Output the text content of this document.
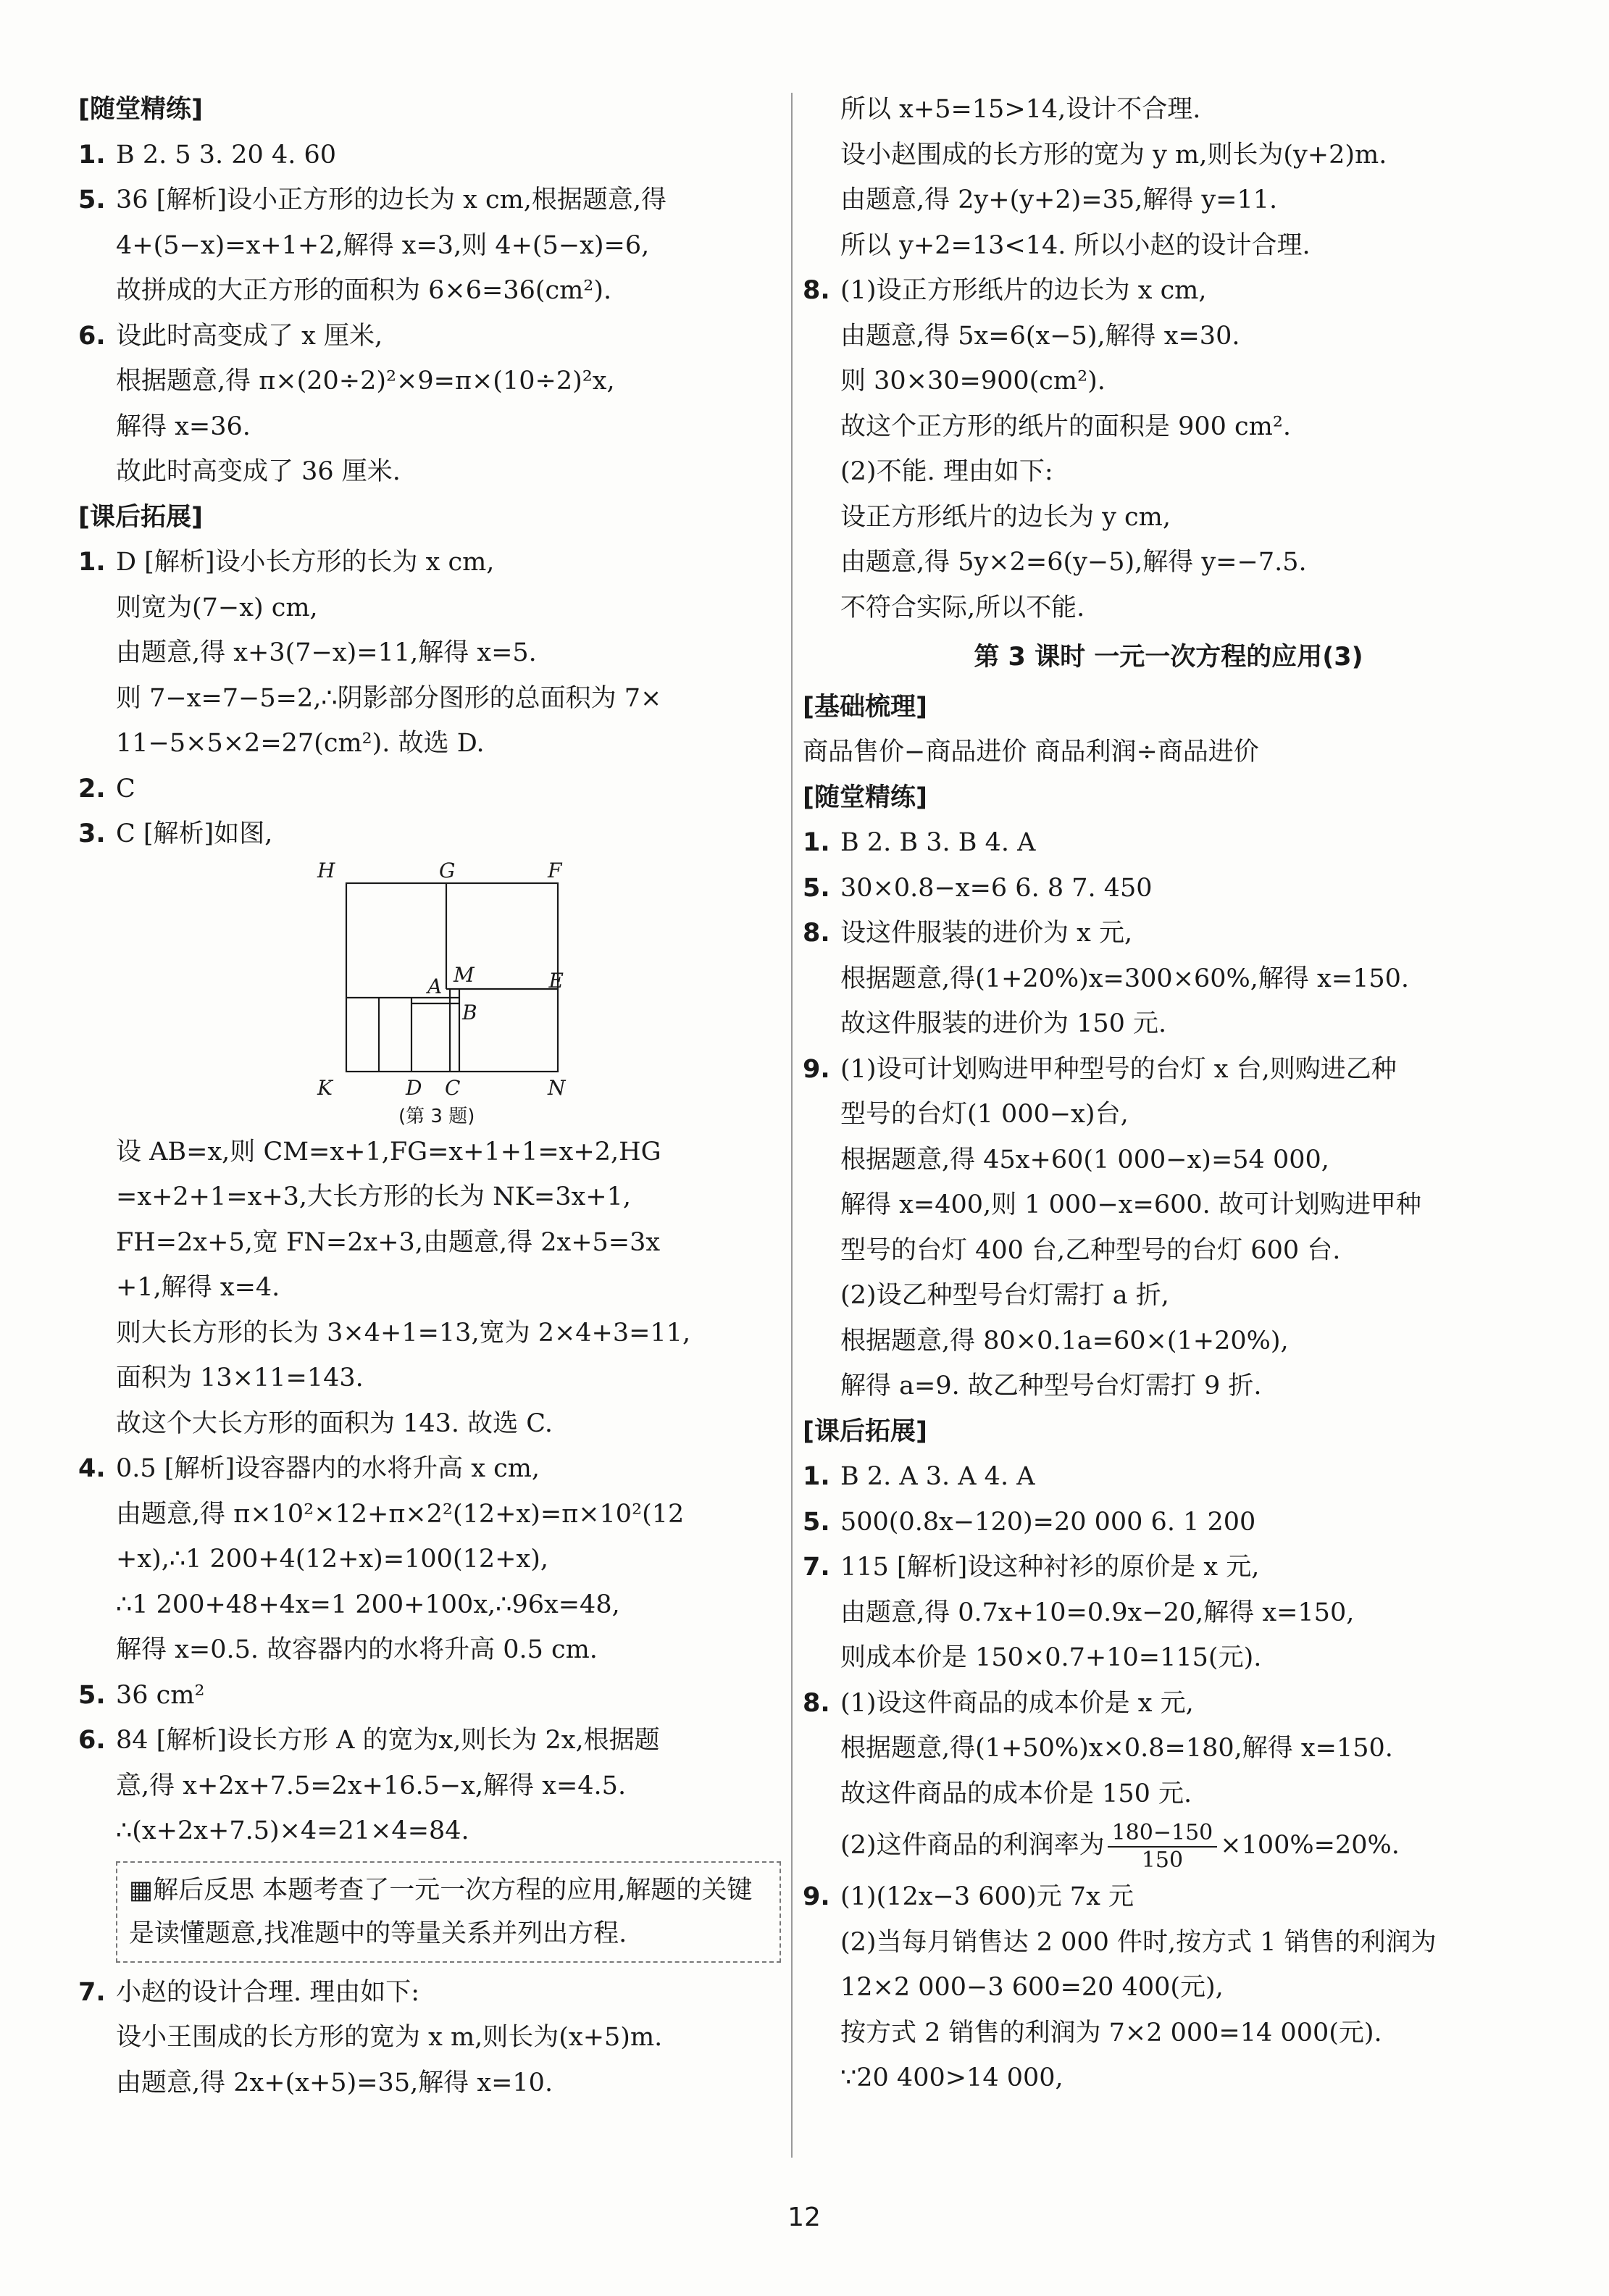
[随堂精练]
1. B 2. 5 3. 20 4. 60
5. 36 [解析]设小正方形的边长为 x cm,根据题意,得
4+(5−x)=x+1+2,解得 x=3,则 4+(5−x)=6,
故拼成的大正方形的面积为 6×6=36(cm²).
6. 设此时高变成了 x 厘米,
根据题意,得 π×(20÷2)²×9=π×(10÷2)²x,
解得 x=36.
故此时高变成了 36 厘米.
[课后拓展]
1. D [解析]设小长方形的长为 x cm,
则宽为(7−x) cm,
由题意,得 x+3(7−x)=11,解得 x=5.
则 7−x=7−5=2,∴阴影部分图形的总面积为 7×
11−5×5×2=27(cm²). 故选 D.
2. C
3. C [解析]如图,
H	G	F
E
M
A
B
K	D C	N
(第 3 题)
设 AB=x,则 CM=x+1,FG=x+1+1=x+2,HG
=x+2+1=x+3,大长方形的长为 NK=3x+1,
FH=2x+5,宽 FN=2x+3,由题意,得 2x+5=3x
+1,解得 x=4.
则大长方形的长为 3×4+1=13,宽为 2×4+3=11,
面积为 13×11=143.
故这个大长方形的面积为 143. 故选 C.
4. 0.5 [解析]设容器内的水将升高 x cm,
由题意,得 π×10²×12+π×2²(12+x)=π×10²(12
+x),∴1 200+4(12+x)=100(12+x),
∴1 200+48+4x=1 200+100x,∴96x=48,
解得 x=0.5. 故容器内的水将升高 0.5 cm.
5. 36 cm²
6. 84 [解析]设长方形 A 的宽为x,则长为 2x,根据题
意,得 x+2x+7.5=2x+16.5−x,解得 x=4.5.
∴(x+2x+7.5)×4=21×4=84.
▦解后反思 本题考查了一元一次方程的应用,解题的关键是读懂题意,找准题中的等量关系并列出方程.
7. 小赵的设计合理. 理由如下:
设小王围成的长方形的宽为 x m,则长为(x+5)m.
由题意,得 2x+(x+5)=35,解得 x=10.
所以 x+5=15>14,设计不合理.
设小赵围成的长方形的宽为 y m,则长为(y+2)m.
由题意,得 2y+(y+2)=35,解得 y=11.
所以 y+2=13<14. 所以小赵的设计合理.
8. (1)设正方形纸片的边长为 x cm,
由题意,得 5x=6(x−5),解得 x=30.
则 30×30=900(cm²).
故这个正方形的纸片的面积是 900 cm².
(2)不能. 理由如下:
设正方形纸片的边长为 y cm,
由题意,得 5y×2=6(y−5),解得 y=−7.5.
不符合实际,所以不能.
第 3 课时 一元一次方程的应用(3)
[基础梳理]
商品售价−商品进价 商品利润÷商品进价
[随堂精练]
1. B 2. B 3. B 4. A
5. 30×0.8−x=6 6. 8 7. 450
8. 设这件服装的进价为 x 元,
根据题意,得(1+20%)x=300×60%,解得 x=150.
故这件服装的进价为 150 元.
9. (1)设可计划购进甲种型号的台灯 x 台,则购进乙种
型号的台灯(1 000−x)台,
根据题意,得 45x+60(1 000−x)=54 000,
解得 x=400,则 1 000−x=600. 故可计划购进甲种
型号的台灯 400 台,乙种型号的台灯 600 台.
(2)设乙种型号台灯需打 a 折,
根据题意,得 80×0.1a=60×(1+20%),
解得 a=9. 故乙种型号台灯需打 9 折.
[课后拓展]
1. B 2. A 3. A 4. A
5. 500(0.8x−120)=20 000 6. 1 200
7. 115 [解析]设这种衬衫的原价是 x 元,
由题意,得 0.7x+10=0.9x−20,解得 x=150,
则成本价是 150×0.7+10=115(元).
8. (1)设这件商品的成本价是 x 元,
根据题意,得(1+50%)x×0.8=180,解得 x=150.
故这件商品的成本价是 150 元.
(2)这件商品的利润率为 $\frac{180-150}{150} \times 100\%=20\%$.
9. (1)(12x−3 600)元 7x 元
(2)当每月销售达 2 000 件时,按方式 1 销售的利润为
12×2 000−3 600=20 400(元),
按方式 2 销售的利润为 7×2 000=14 000(元).
∵20 400>14 000,
12
